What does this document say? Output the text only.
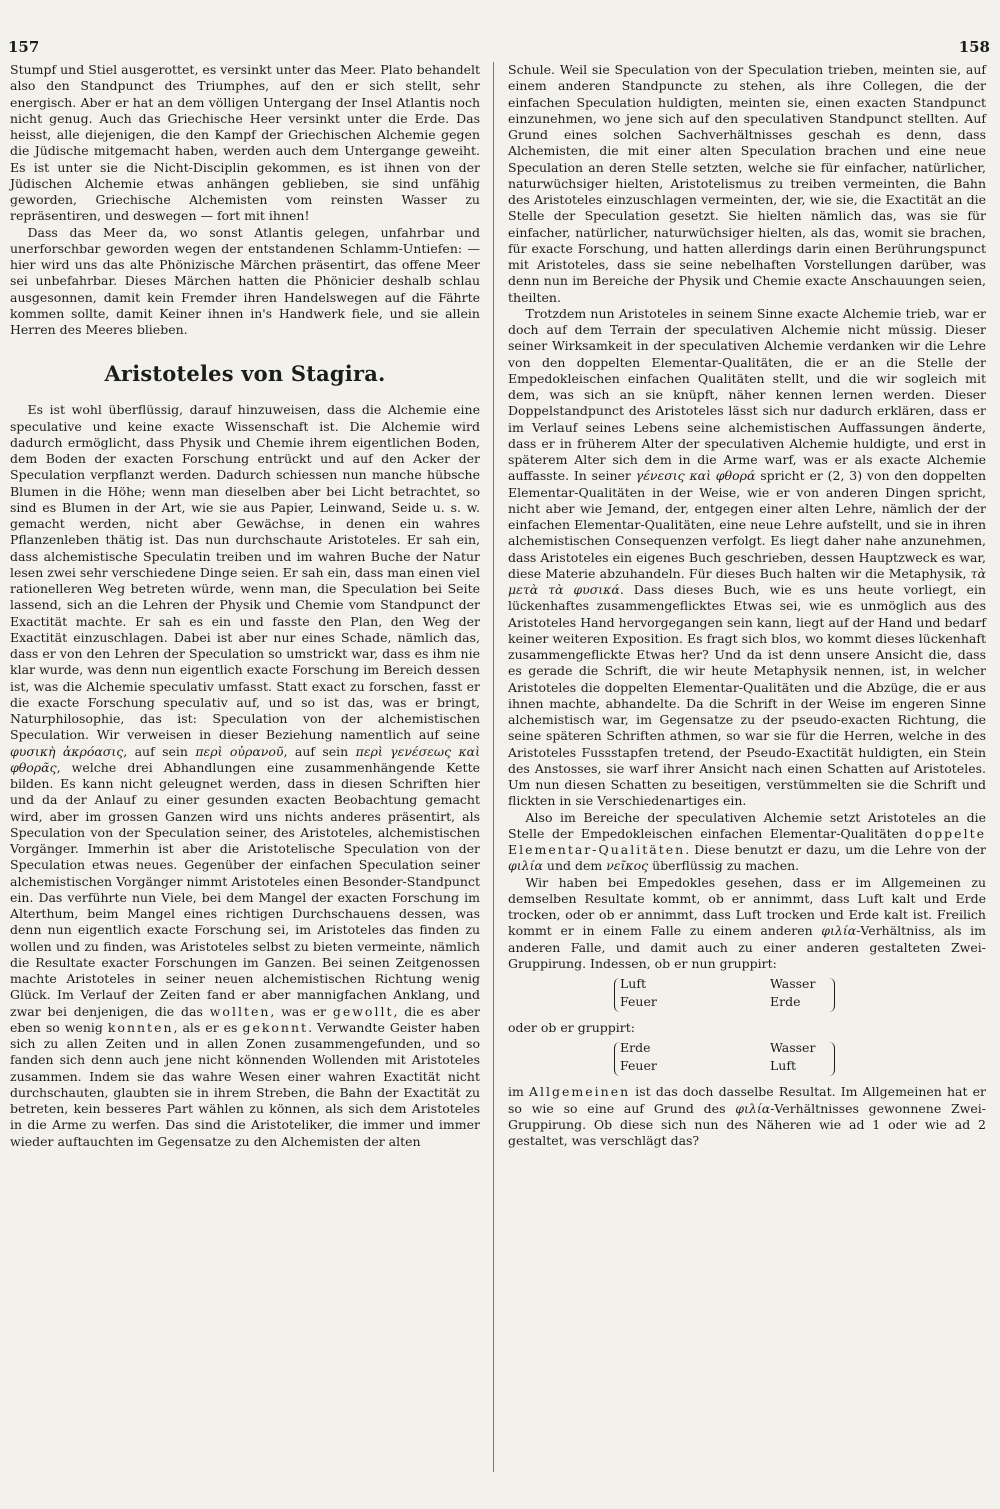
157	158

Stumpf und Stiel ausgerottet, es versinkt unter das Meer. Plato behandelt also den Standpunct des Triumphes, auf den er sich stellt, sehr energisch. Aber er hat an dem völligen Untergang der Insel Atlantis noch nicht genug. Auch das Griechische Heer versinkt unter die Erde. Das heisst, alle diejenigen, die den Kampf der Griechischen Alchemie gegen die Jüdische mitgemacht haben, werden auch dem Untergange geweiht. Es ist unter sie die Nicht-Disciplin gekommen, es ist ihnen von der Jüdischen Alchemie etwas anhängen geblieben, sie sind unfähig geworden, Griechische Alchemisten vom reinsten Wasser zu repräsentiren, und deswegen — fort mit ihnen!

Dass das Meer da, wo sonst Atlantis gelegen, unfahrbar und unerforschbar geworden wegen der entstandenen Schlamm-Untiefen: — hier wird uns das alte Phönizische Märchen präsentirt, das offene Meer sei unbefahrbar. Dieses Märchen hatten die Phönicier deshalb schlau ausgesonnen, damit kein Fremder ihren Handelswegen auf die Fährte kommen sollte, damit Keiner ihnen in's Handwerk fiele, und sie allein Herren des Meeres blieben.

Aristoteles von Stagira.

Es ist wohl überflüssig, darauf hinzuweisen, dass die Alchemie eine speculative und keine exacte Wissenschaft ist. Die Alchemie wird dadurch ermöglicht, dass Physik und Chemie ihrem eigentlichen Boden, dem Boden der exacten Forschung entrückt und auf den Acker der Speculation verpflanzt werden. Dadurch schiessen nun manche hübsche Blumen in die Höhe; wenn man dieselben aber bei Licht betrachtet, so sind es Blumen in der Art, wie sie aus Papier, Leinwand, Seide u. s. w. gemacht werden, nicht aber Gewächse, in denen ein wahres Pflanzenleben thätig ist. Das nun durchschaute Aristoteles. Er sah ein, dass alchemistische Speculatin treiben und im wahren Buche der Natur lesen zwei sehr verschiedene Dinge seien. Er sah ein, dass man einen viel rationelleren Weg betreten würde, wenn man, die Speculation bei Seite lassend, sich an die Lehren der Physik und Chemie vom Standpunct der Exactität machte. Er sah es ein und fasste den Plan, den Weg der Exactität einzuschlagen. Dabei ist aber nur eines Schade, nämlich das, dass er von den Lehren der Speculation so umstrickt war, dass es ihm nie klar wurde, was denn nun eigentlich exacte Forschung im Bereich dessen ist, was die Alchemie speculativ umfasst. Statt exact zu forschen, fasst er die exacte Forschung speculativ auf, und so ist das, was er bringt, Naturphilosophie, das ist: Speculation von der alchemistischen Speculation. Wir verweisen in dieser Beziehung namentlich auf seine φυσικὴ ἀκρόασις, auf sein περὶ οὐρανοῦ, auf sein περὶ γενέσεως καὶ φθορᾶς, welche drei Abhandlungen eine zusammenhängende Kette bilden. Es kann nicht geleugnet werden, dass in diesen Schriften hier und da der Anlauf zu einer gesunden exacten Beobachtung gemacht wird, aber im grossen Ganzen wird uns nichts anderes präsentirt, als Speculation von der Speculation seiner, des Aristoteles, alchemistischen Vorgänger. Immerhin ist aber die Aristotelische Speculation von der Speculation etwas neues. Gegenüber der einfachen Speculation seiner alchemistischen Vorgänger nimmt Aristoteles einen Besonder-Standpunct ein. Das verführte nun Viele, bei dem Mangel der exacten Forschung im Alterthum, beim Mangel eines richtigen Durchschauens dessen, was denn nun eigentlich exacte Forschung sei, im Aristoteles das finden zu wollen und zu finden, was Aristoteles selbst zu bieten vermeinte, nämlich die Resultate exacter Forschungen im Ganzen. Bei seinen Zeitgenossen machte Aristoteles in seiner neuen alchemistischen Richtung wenig Glück. Im Verlauf der Zeiten fand er aber mannigfachen Anklang, und zwar bei denjenigen, die das wollten, was er gewollt, die es aber eben so wenig konnten, als er es gekonnt. Verwandte Geister haben sich zu allen Zeiten und in allen Zonen zusammengefunden, und so fanden sich denn auch jene nicht könnenden Wollenden mit Aristoteles zusammen. Indem sie das wahre Wesen einer wahren Exactität nicht durchschauten, glaubten sie in ihrem Streben, die Bahn der Exactität zu betreten, kein besseres Part wählen zu können, als sich dem Aristoteles in die Arme zu werfen. Das sind die Aristoteliker, die immer und immer wieder auftauchten im Gegensatze zu den Alchemisten der alten

Schule. Weil sie Speculation von der Speculation trieben, meinten sie, auf einem anderen Standpuncte zu stehen, als ihre Collegen, die der einfachen Speculation huldigten, meinten sie, einen exacten Standpunct einzunehmen, wo jene sich auf den speculativen Standpunct stellten. Auf Grund eines solchen Sachverhältnisses geschah es denn, dass Alchemisten, die mit einer alten Speculation brachen und eine neue Speculation an deren Stelle setzten, welche sie für einfacher, natürlicher, naturwüchsiger hielten, Aristotelismus zu treiben vermeinten, die Bahn des Aristoteles einzuschlagen vermeinten, der, wie sie, die Exactität an die Stelle der Speculation gesetzt. Sie hielten nämlich das, was sie für einfacher, natürlicher, naturwüchsiger hielten, als das, womit sie brachen, für exacte Forschung, und hatten allerdings darin einen Berührungspunct mit Aristoteles, dass sie seine nebelhaften Vorstellungen darüber, was denn nun im Bereiche der Physik und Chemie exacte Anschauungen seien, theilten.

Trotzdem nun Aristoteles in seinem Sinne exacte Alchemie trieb, war er doch auf dem Terrain der speculativen Alchemie nicht müssig. Dieser seiner Wirksamkeit in der speculativen Alchemie verdanken wir die Lehre von den doppelten Elementar-Qualitäten, die er an die Stelle der Empedokleischen einfachen Qualitäten stellt, und die wir sogleich mit dem, was sich an sie knüpft, näher kennen lernen werden. Dieser Doppelstandpunct des Aristoteles lässt sich nur dadurch erklären, dass er im Verlauf seines Lebens seine alchemistischen Auffassungen änderte, dass er in früherem Alter der speculativen Alchemie huldigte, und erst in späterem Alter sich dem in die Arme warf, was er als exacte Alchemie auffasste. In seiner γένεσις καὶ φθορά spricht er (2, 3) von den doppelten Elementar-Qualitäten in der Weise, wie er von anderen Dingen spricht, nicht aber wie Jemand, der, entgegen einer alten Lehre, nämlich der der einfachen Elementar-Qualitäten, eine neue Lehre aufstellt, und sie in ihren alchemistischen Consequenzen verfolgt. Es liegt daher nahe anzunehmen, dass Aristoteles ein eigenes Buch geschrieben, dessen Hauptzweck es war, diese Materie abzuhandeln. Für dieses Buch halten wir die Metaphysik, τὰ μετὰ τὰ φυσικά. Dass dieses Buch, wie es uns heute vorliegt, ein lückenhaftes zusammengeflicktes Etwas sei, wie es unmöglich aus des Aristoteles Hand hervorgegangen sein kann, liegt auf der Hand und bedarf keiner weiteren Exposition. Es fragt sich blos, wo kommt dieses lückenhaft zusammengeflickte Etwas her? Und da ist denn unsere Ansicht die, dass es gerade die Schrift, die wir heute Metaphysik nennen, ist, in welcher Aristoteles die doppelten Elementar-Qualitäten und die Abzüge, die er aus ihnen machte, abhandelte. Da die Schrift in der Weise im engeren Sinne alchemistisch war, im Gegensatze zu der pseudo-exacten Richtung, die seine späteren Schriften athmen, so war sie für die Herren, welche in des Aristoteles Fussstapfen tretend, der Pseudo-Exactität huldigten, ein Stein des Anstosses, sie warf ihrer Ansicht nach einen Schatten auf Aristoteles. Um nun diesen Schatten zu beseitigen, verstümmelten sie die Schrift und flickten in sie Verschiedenartiges ein.

Also im Bereiche der speculativen Alchemie setzt Aristoteles an die Stelle der Empedokleischen einfachen Elementar-Qualitäten doppelte Elementar-Qualitäten. Diese benutzt er dazu, um die Lehre von der φιλία und dem νεῖκος überflüssig zu machen.

Wir haben bei Empedokles gesehen, dass er im Allgemeinen zu demselben Resultate kommt, ob er annimmt, dass Luft kalt und Erde trocken, oder ob er annimmt, dass Luft trocken und Erde kalt ist. Freilich kommt er in einem Falle zu einem anderen φιλία-Verhältniss, als im anderen Falle, und damit auch zu einer anderen gestalteten Zwei-Gruppirung. Indessen, ob er nun gruppirt:

Luft
Feuer
Wasser
Erde

oder ob er gruppirt:

Erde
Feuer
Wasser
Luft

im Allgemeinen ist das doch dasselbe Resultat. Im Allgemeinen hat er so wie so eine auf Grund des φιλία-Verhältnisses gewonnene Zwei-Gruppirung. Ob diese sich nun des Näheren wie ad 1 oder wie ad 2 gestaltet, was verschlägt das?
